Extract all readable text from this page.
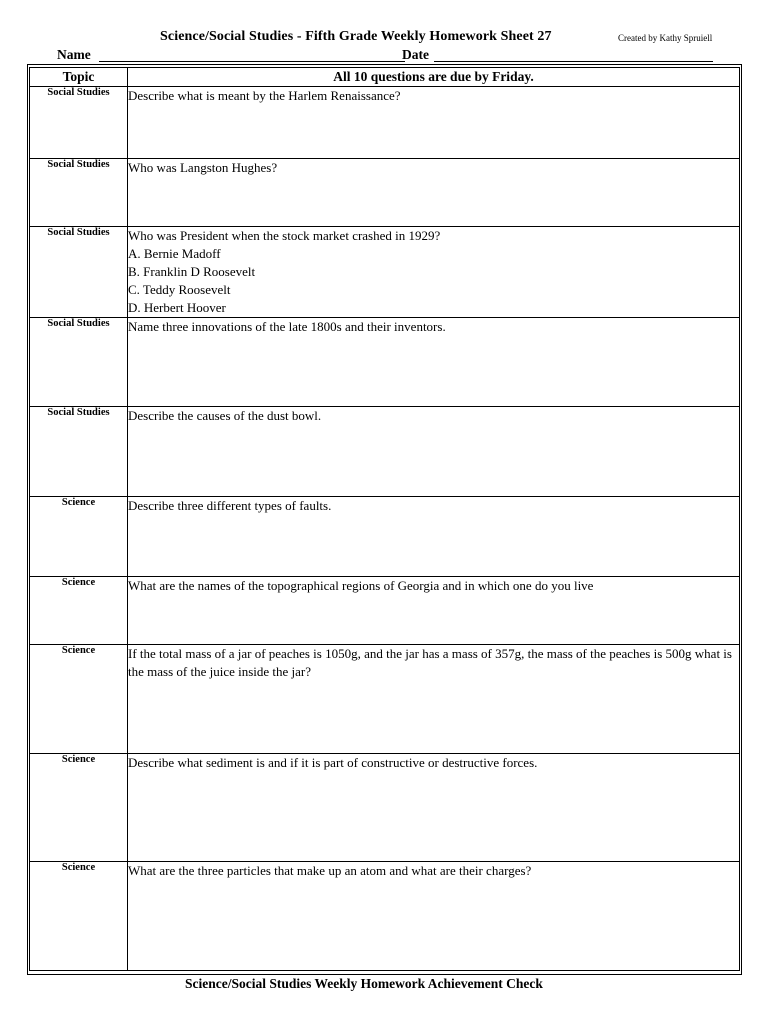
Science/Social Studies - Fifth Grade Weekly Homework Sheet 27	Created by Kathy Spruiell
Name	Date
Topic	All 10 questions are due by Friday.
Social Studies	Describe what is meant by the Harlem Renaissance?
Social Studies	Who was Langston Hughes?
Social Studies	Who was President when the stock market crashed in 1929?
A. Bernie Madoff
B. Franklin D Roosevelt
C. Teddy Roosevelt
D. Herbert Hoover

Social Studies	Name three innovations of the late 1800s and their inventors.
Social Studies	Describe the causes of the dust bowl.
Science	Describe three different types of faults.
Science	What are the names of the topographical regions of Georgia and in which one do you live
Science	If the total mass of a jar of peaches is 1050g, and the jar has a mass of 357g, the mass of the peaches is 500g what is the mass of the juice inside the jar?
Science	Describe what sediment is and if it is part of constructive or destructive forces.
Science	What are the three particles that make up an atom and what are their charges?
Science/Social Studies Weekly Homework Achievement Check
